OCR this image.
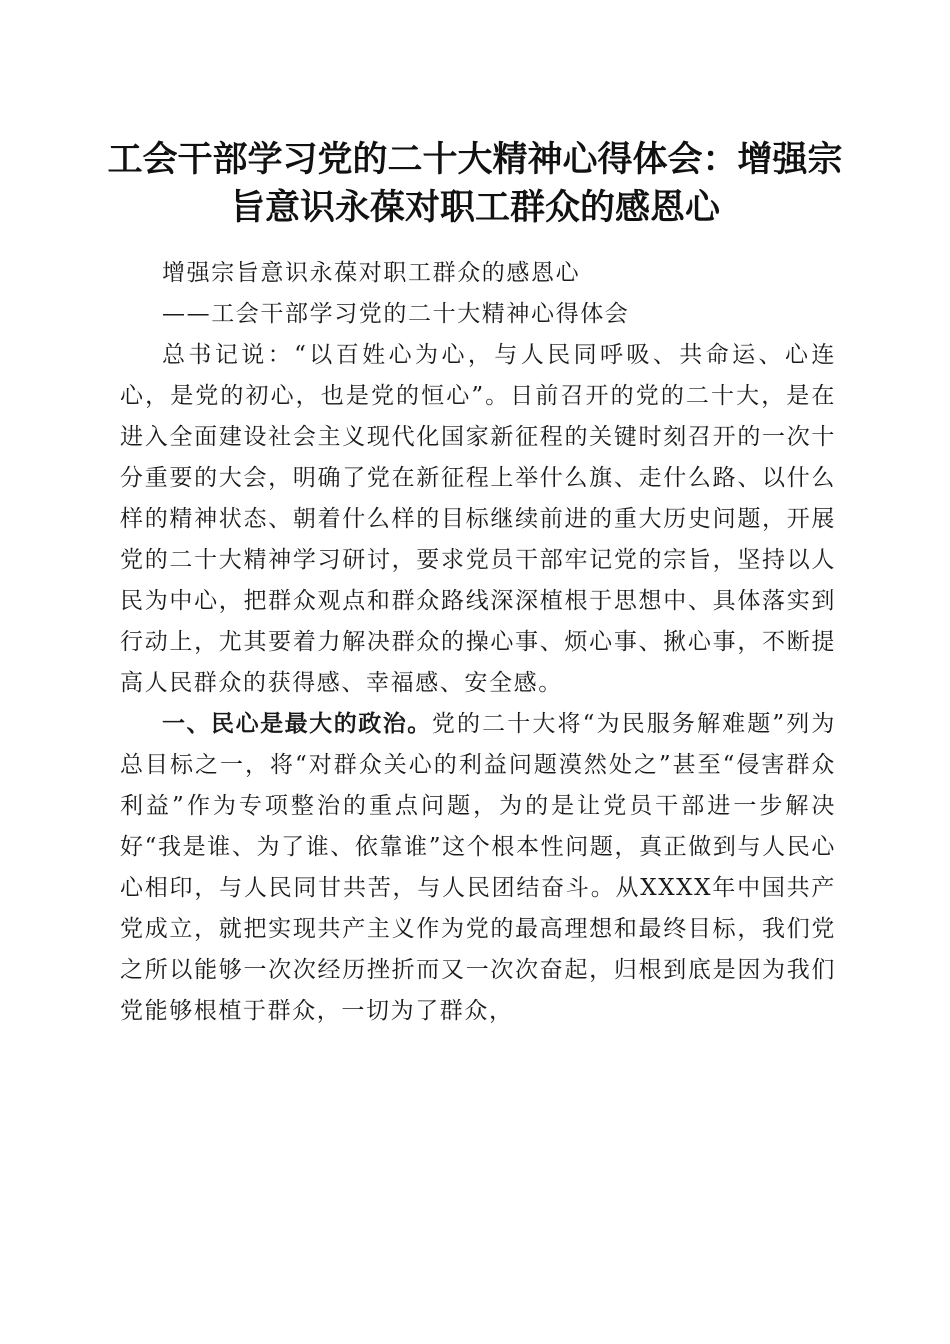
工会干部学习党的二十大精神心得体会：增强宗旨意识永葆对职工群众的感恩心

增强宗旨意识永葆对职工群众的感恩心

——工会干部学习党的二十大精神心得体会

总书记说：“以百姓心为心，与人民同呼吸、共命运、心连心，是党的初心，也是党的恒心”。日前召开的党的二十大，是在进入全面建设社会主义现代化国家新征程的关键时刻召开的一次十分重要的大会，明确了党在新征程上举什么旗、走什么路、以什么样的精神状态、朝着什么样的目标继续前进的重大历史问题，开展党的二十大精神学习研讨，要求党员干部牢记党的宗旨，坚持以人民为中心，把群众观点和群众路线深深植根于思想中、具体落实到行动上，尤其要着力解决群众的操心事、烦心事、揪心事，不断提高人民群众的获得感、幸福感、安全感。

一、民心是最大的政治。党的二十大将“为民服务解难题”列为总目标之一，将“对群众关心的利益问题漠然处之”甚至“侵害群众利益”作为专项整治的重点问题，为的是让党员干部进一步解决好“我是谁、为了谁、依靠谁”这个根本性问题，真正做到与人民心心相印，与人民同甘共苦，与人民团结奋斗。从XXXX年中国共产党成立，就把实现共产主义作为党的最高理想和最终目标，我们党之所以能够一次次经历挫折而又一次次奋起，归根到底是因为我们党能够根植于群众，一切为了群众，
